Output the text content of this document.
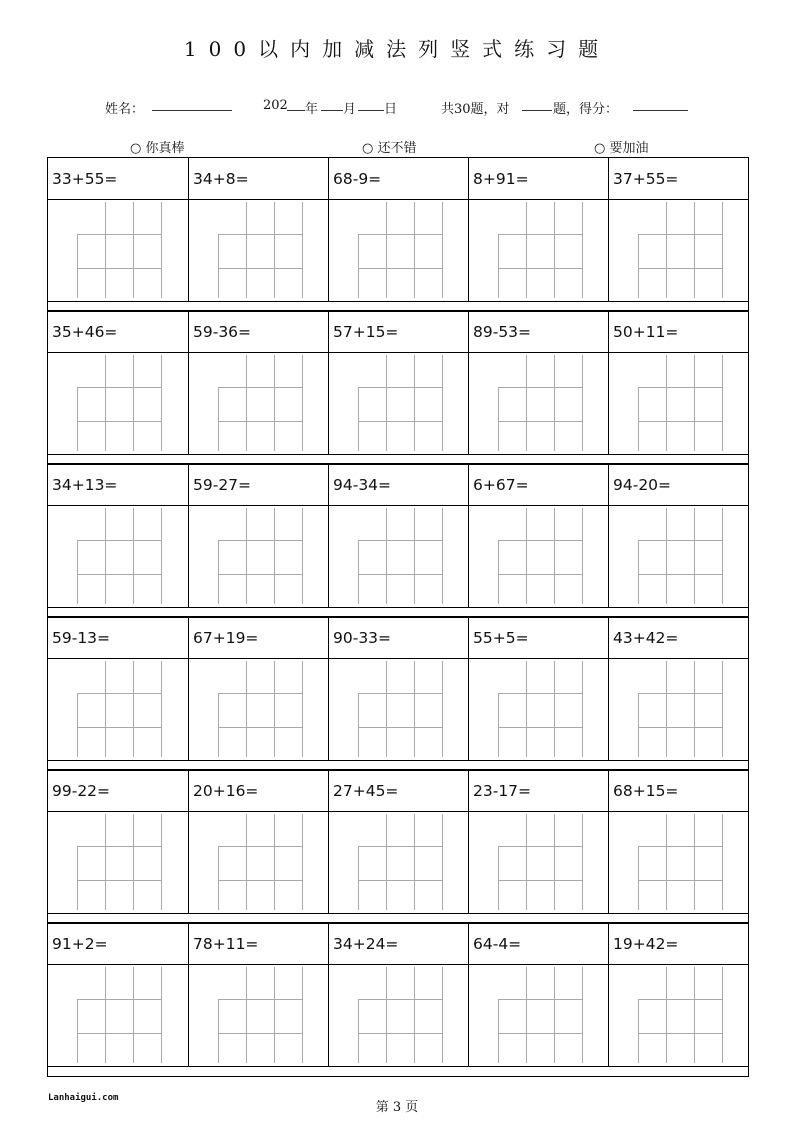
100以内加减法列竖式练习题
姓名：	202 年 月 日	共30题，对	题，得分：
○ 你真棒	○ 还不错	○ 要加油
33+55=	34+8=	68-9=	8+91=	37+55=
35+46=	59-36=	57+15=	89-53=	50+11=
34+13=	59-27=	94-34=	6+67=	94-20=
59-13=	67+19=	90-33=	55+5=	43+42=
99-22=	20+16=	27+45=	23-17=	68+15=
91+2=	78+11=	34+24=	64-4=	19+42=
Lanhaigui.com
第 3 页
